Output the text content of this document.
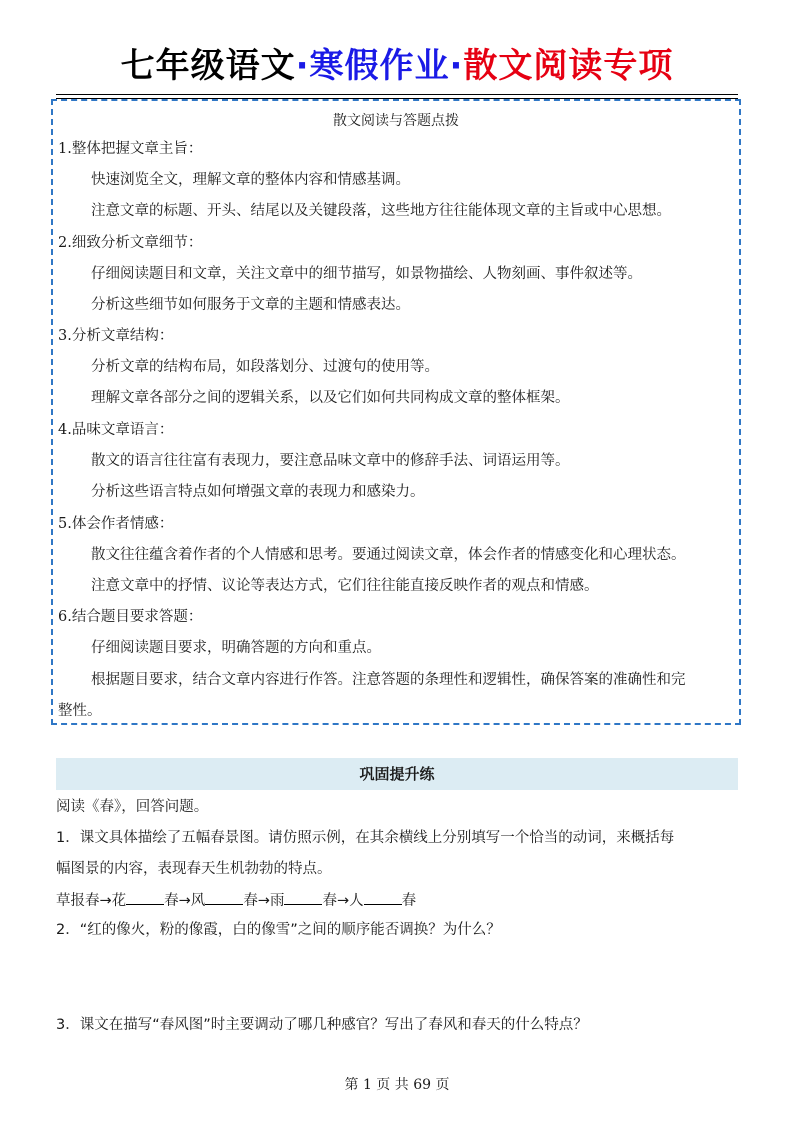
七年级语文·寒假作业·散文阅读专项
散文阅读与答题点拨
1.整体把握文章主旨：
快速浏览全文，理解文章的整体内容和情感基调。
注意文章的标题、开头、结尾以及关键段落，这些地方往往能体现文章的主旨或中心思想。
2.细致分析文章细节：
仔细阅读题目和文章，关注文章中的细节描写，如景物描绘、人物刻画、事件叙述等。
分析这些细节如何服务于文章的主题和情感表达。
3.分析文章结构：
分析文章的结构布局，如段落划分、过渡句的使用等。
理解文章各部分之间的逻辑关系，以及它们如何共同构成文章的整体框架。
4.品味文章语言：
散文的语言往往富有表现力，要注意品味文章中的修辞手法、词语运用等。
分析这些语言特点如何增强文章的表现力和感染力。
5.体会作者情感：
散文往往蕴含着作者的个人情感和思考。要通过阅读文章，体会作者的情感变化和心理状态。
注意文章中的抒情、议论等表达方式，它们往往能直接反映作者的观点和情感。
6.结合题目要求答题：
仔细阅读题目要求，明确答题的方向和重点。
根据题目要求，结合文章内容进行作答。注意答题的条理性和逻辑性，确保答案的准确性和完
整性。
巩固提升练
阅读《春》，回答问题。
1．课文具体描绘了五幅春景图。请仿照示例，在其余横线上分别填写一个恰当的动词，来概括每
幅图景的内容，表现春天生机勃勃的特点。
草报春→花	春→风	春→雨	春→人	春
2．“红的像火，粉的像霞，白的像雪”之间的顺序能否调换？为什么？
3．课文在描写“春风图”时主要调动了哪几种感官？写出了春风和春天的什么特点？
第 1 页 共 69 页
